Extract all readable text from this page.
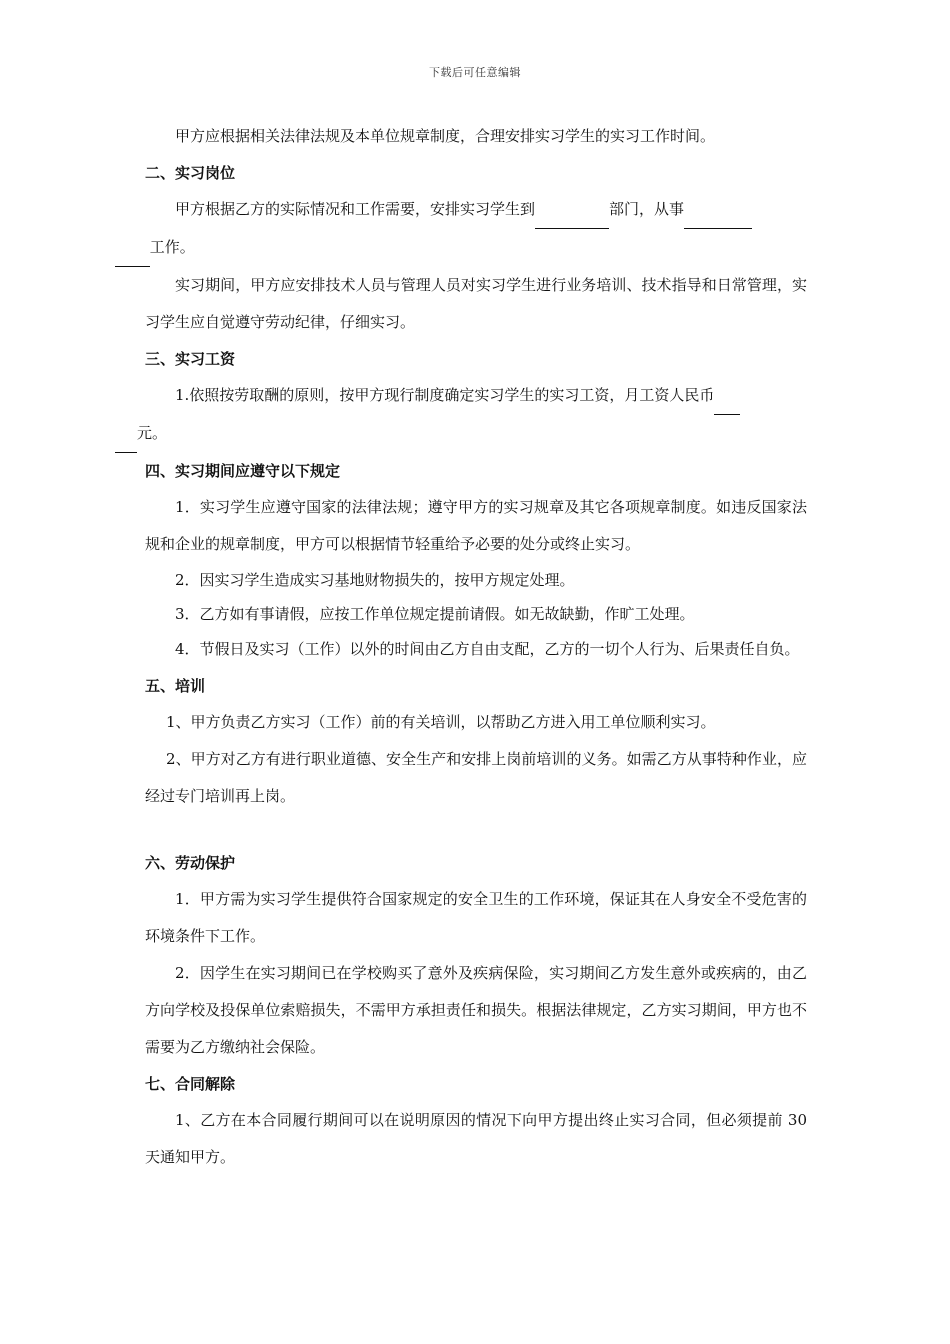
下载后可任意编辑

甲方应根据相关法律法规及本单位规章制度，合理安排实习学生的实习工作时间。

二、实习岗位

甲方根据乙方的实际情况和工作需要，安排实习学生到	部门，从事
工作。

实习期间，甲方应安排技术人员与管理人员对实习学生进行业务培训、技术指导和日常管理，实习学生应自觉遵守劳动纪律，仔细实习。

三、实习工资

1.依照按劳取酬的原则，按甲方现行制度确定实习学生的实习工资，月工资人民币
元。

四、实习期间应遵守以下规定

1．实习学生应遵守国家的法律法规；遵守甲方的实习规章及其它各项规章制度。如违反国家法规和企业的规章制度，甲方可以根据情节轻重给予必要的处分或终止实习。

2．因实习学生造成实习基地财物损失的，按甲方规定处理。

3．乙方如有事请假，应按工作单位规定提前请假。如无故缺勤，作旷工处理。

4．节假日及实习（工作）以外的时间由乙方自由支配，乙方的一切个人行为、后果责任自负。

五、培训

1、甲方负责乙方实习（工作）前的有关培训，以帮助乙方进入用工单位顺利实习。

2、甲方对乙方有进行职业道德、安全生产和安排上岗前培训的义务。如需乙方从事特种作业，应经过专门培训再上岗。

六、劳动保护

1．甲方需为实习学生提供符合国家规定的安全卫生的工作环境，保证其在人身安全不受危害的环境条件下工作。

2．因学生在实习期间已在学校购买了意外及疾病保险，实习期间乙方发生意外或疾病的，由乙方向学校及投保单位索赔损失，不需甲方承担责任和损失。根据法律规定，乙方实习期间，甲方也不需要为乙方缴纳社会保险。

七、合同解除

1、乙方在本合同履行期间可以在说明原因的情况下向甲方提出终止实习合同，但必须提前 30 天通知甲方。
